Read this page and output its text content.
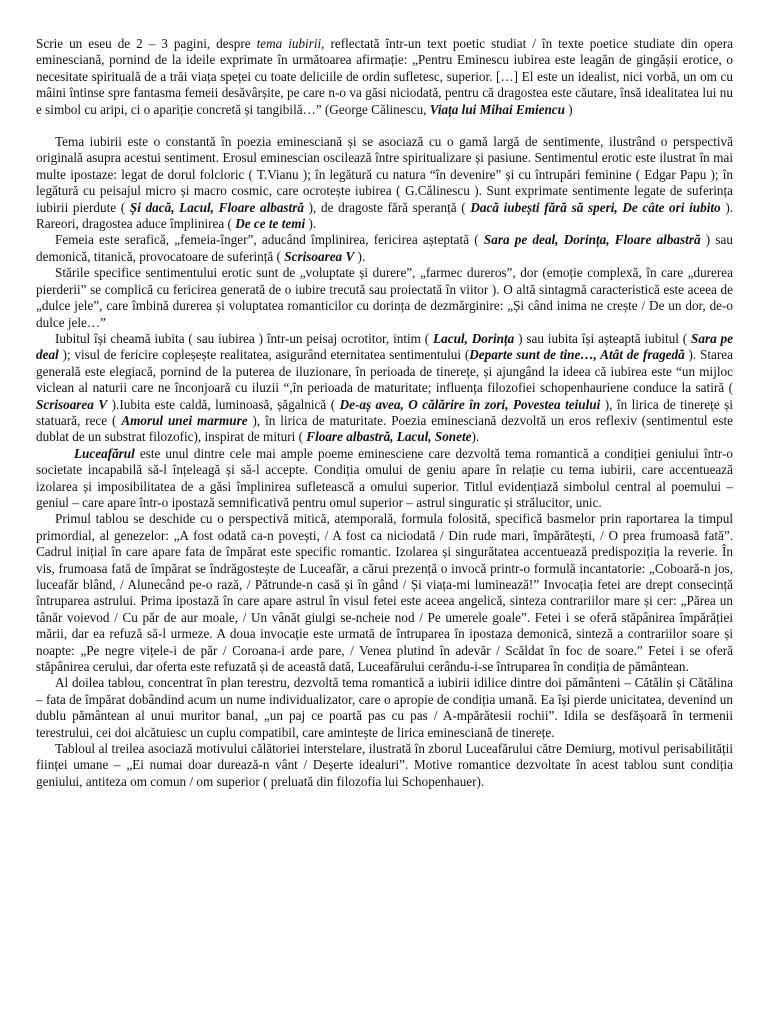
Scrie un eseu de 2 – 3 pagini, despre tema iubirii, reflectată într-un text poetic studiat / în texte poetice studiate din opera eminesciană, pornind de la ideile exprimate în următoarea afirmație: „Pentru Eminescu iubirea este leagăn de gingășii erotice, o necesitate spirituală de a trăi viața speței cu toate deliciile de ordin sufletesc, superior. […] El este un idealist, nici vorbă, un om cu mâini întinse spre fantasma femeii desăvârșite, pe care n-o va găsi niciodată, pentru că dragostea este căutare, însă idealitatea lui nu e simbol cu aripi, ci o apariție concretă și tangibilă…” (George Călinescu, Viața lui Mihai Emiencu )

Tema iubirii este o constantă în poezia eminesciană și se asociază cu o gamă largă de sentimente, ilustrând o perspectivă originală asupra acestui sentiment. Erosul eminescian oscilează între spiritualizare și pasiune. Sentimentul erotic este ilustrat în mai multe ipostaze: legat de dorul folcloric ( T.Vianu ); în legătură cu natura “în devenire” și cu întrupări feminine ( Edgar Papu ); în legătură cu peisajul micro și macro cosmic, care ocrotește iubirea ( G.Călinescu ). Sunt exprimate sentimente legate de suferința iubirii pierdute ( Și dacă, Lacul, Floare albastră ), de dragoste fără speranță ( Dacă iubești fără să speri, De câte ori iubito ). Rareori, dragostea aduce împlinirea ( De ce te temi ).

Femeia este serafică, „femeia-înger”, aducând împlinirea, fericirea așteptată ( Sara pe deal, Dorința, Floare albastră ) sau demonică, titanică, provocatoare de suferință ( Scrisoarea V ).

Stările specifice sentimentului erotic sunt de „voluptate și durere”, „farmec dureros”, dor (emoție complexă, în care „durerea pierderii” se complică cu fericirea generată de o iubire trecută sau proiectată în viitor ). O altă sintagmă caracteristică este aceea de „dulce jele”, care îmbină durerea și voluptatea romanticilor cu dorința de dezmărginire: „Și când inima ne crește / De un dor, de-o dulce jele…”

Iubitul își cheamă iubita ( sau iubirea ) într-un peisaj ocrotitor, intim ( Lacul, Dorința ) sau iubita își așteaptă iubitul ( Sara pe deal ); visul de fericire copleșește realitatea, asigurând eternitatea sentimentului (Departe sunt de tine…, Atât de fragedă ). Starea generală este elegiacă, pornind de la puterea de iluzionare, în perioada de tinerețe, și ajungând la ideea că iubirea este “un mijloc viclean al naturii care ne înconjoară cu iluzii “,în perioada de maturitate; influența filozofiei schopenhauriene conduce la satiră ( Scrisoarea V ).Iubita este caldă, luminoasă, șăgalnică ( De-aș avea, O călărire în zori, Povestea teiului ), în lirica de tinerețe și statuară, rece ( Amorul unei marmure ), în lirica de maturitate. Poezia eminesciană dezvoltă un eros reflexiv (sentimentul este dublat de un substrat filozofic), inspirat de mituri ( Floare albastră, Lacul, Sonete).

Luceafărul este unul dintre cele mai ample poeme eminesciene care dezvoltă tema romantică a condiției geniului într-o societate incapabilă să-l înțeleagă și să-l accepte. Condiția omului de geniu apare în relație cu tema iubirii, care accentuează izolarea și imposibilitatea de a găsi împlinirea sufletească a omului superior. Titlul evidențiază simbolul central al poemului – geniul – care apare într-o ipostază semnificativă pentru omul superior – astrul singuratic și strălucitor, unic.

Primul tablou se deschide cu o perspectivă mitică, atemporală, formula folosită, specifică basmelor prin raportarea la timpul primordial, al genezelor: „A fost odată ca-n povești, / A fost ca niciodată / Din rude mari, împărătești, / O prea frumoasă fată”. Cadrul inițial în care apare fata de împărat este specific romantic. Izolarea și singurătatea accentuează predispoziția la reverie. În vis, frumoasa fată de împărat se îndrăgostește de Luceafăr, a cărui prezență o invocă printr-o formulă incantatorie: „Coboară-n jos, luceafăr blând, / Alunecând pe-o rază, / Pătrunde-n casă și în gând / Și viața-mi luminează!” Invocația fetei are drept consecință întruparea astrului. Prima ipostază în care apare astrul în visul fetei este aceea angelică, sinteza contrariilor mare și cer: „Părea un tânăr voievod / Cu păr de aur moale, / Un vânăt giulgi se-ncheie nod / Pe umerele goale”. Fetei i se oferă stăpânirea împărăției mării, dar ea refuză să-l urmeze. A doua invocație este urmată de întruparea în ipostaza demonică, sinteză a contrariilor soare și noapte: „Pe negre vițele-i de păr / Coroana-i arde pare, / Venea plutind în adevăr / Scăldat în foc de soare.” Fetei i se oferă stăpânirea cerului, dar oferta este refuzată și de această dată, Luceafărului cerându-i-se întruparea în condiția de pământean.

Al doilea tablou, concentrat în plan terestru, dezvoltă tema romantică a iubirii idilice dintre doi pământeni – Cătălin și Cătălina – fata de împărat dobândind acum un nume individualizator, care o apropie de condiția umană. Ea își pierde unicitatea, devenind un dublu pământean al unui muritor banal, „un paj ce poartă pas cu pas / A-mpărătesii rochii”. Idila se desfășoară în termenii terestrului, cei doi alcătuiesc un cuplu compatibil, care amintește de lirica eminesciană de tinerețe.

Tabloul al treilea asociază motivului călătoriei interstelare, ilustrată în zborul Luceafărului către Demiurg, motivul perisabilității ființei umane – „Ei numai doar durează-n vânt / Deșerte idealuri”. Motive romantice dezvoltate în acest tablou sunt condiția geniului, antiteza om comun / om superior ( preluată din filozofia lui Schopenhauer).
